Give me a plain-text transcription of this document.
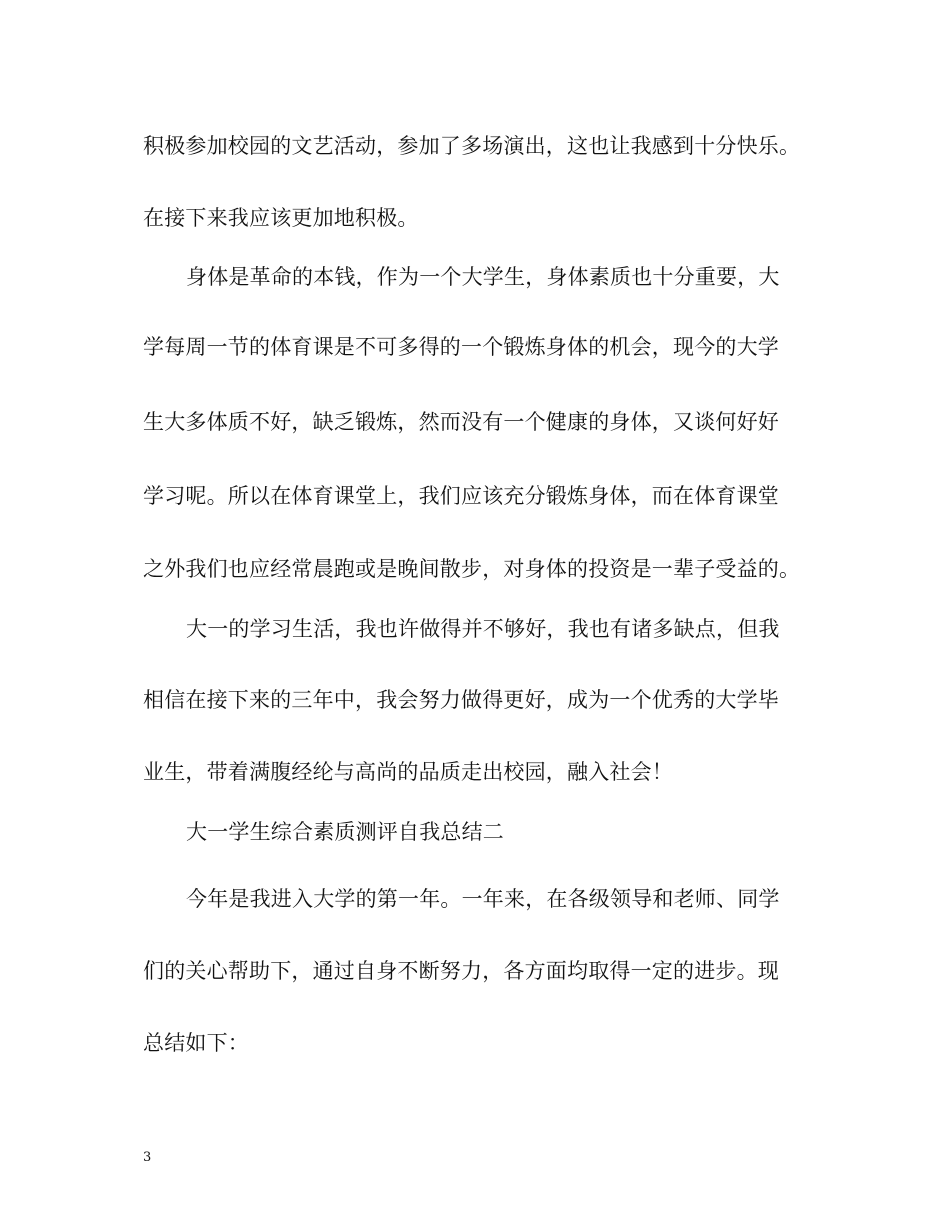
积极参加校园的文艺活动，参加了多场演出，这也让我感到十分快乐。
在接下来我应该更加地积极。
身体是革命的本钱，作为一个大学生，身体素质也十分重要，大
学每周一节的体育课是不可多得的一个锻炼身体的机会，现今的大学
生大多体质不好，缺乏锻炼，然而没有一个健康的身体，又谈何好好
学习呢。所以在体育课堂上，我们应该充分锻炼身体，而在体育课堂
之外我们也应经常晨跑或是晚间散步，对身体的投资是一辈子受益的。
大一的学习生活，我也许做得并不够好，我也有诸多缺点，但我
相信在接下来的三年中，我会努力做得更好，成为一个优秀的大学毕
业生，带着满腹经纶与高尚的品质走出校园，融入社会！
大一学生综合素质测评自我总结二
今年是我进入大学的第一年。一年来，在各级领导和老师、同学
们的关心帮助下，通过自身不断努力，各方面均取得一定的进步。现
总结如下：
3
